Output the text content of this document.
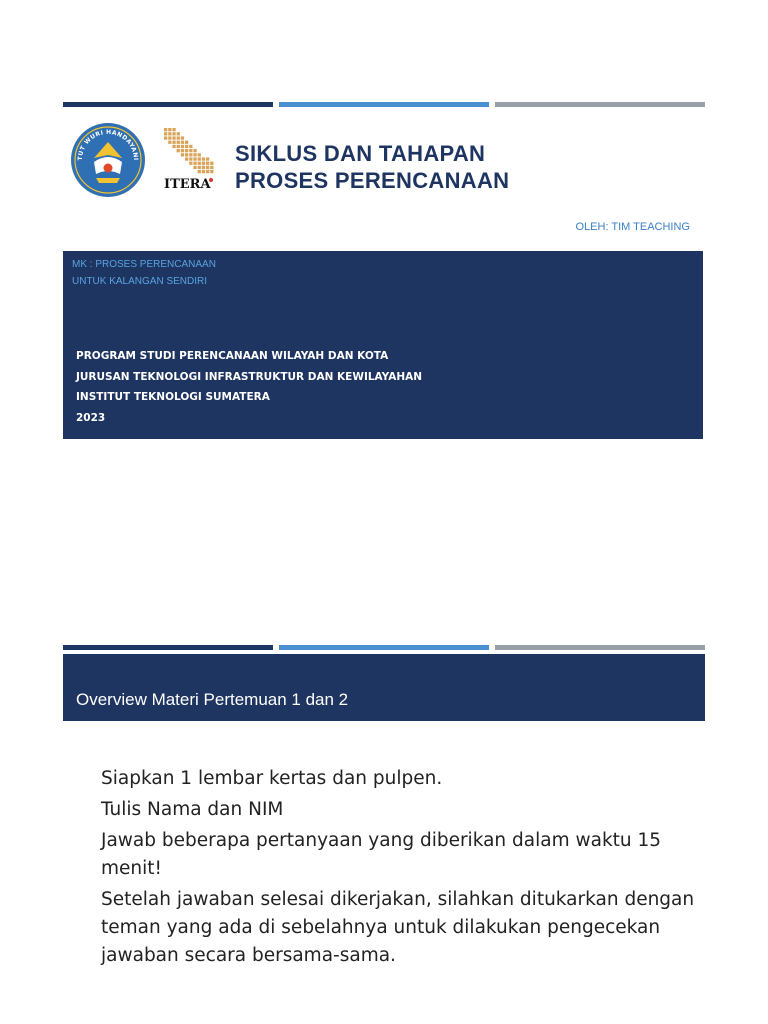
TUT WURI HANDAYANI
ITERA
SIKLUS DAN TAHAPAN
PROSES PERENCANAAN
OLEH: TIM TEACHING
MK : PROSES PERENCANAAN
UNTUK KALANGAN SENDIRI
PROGRAM STUDI PERENCANAAN WILAYAH DAN KOTA
JURUSAN TEKNOLOGI INFRASTRUKTUR DAN KEWILAYAHAN
INSTITUT TEKNOLOGI SUMATERA
2023
Overview Materi Pertemuan 1 dan 2

Siapkan 1 lembar kertas dan pulpen.

Tulis Nama dan NIM

Jawab beberapa pertanyaan yang diberikan dalam waktu 15 menit!

Setelah jawaban selesai dikerjakan, silahkan ditukarkan dengan teman yang ada di sebelahnya untuk dilakukan pengecekan jawaban secara bersama-sama.
